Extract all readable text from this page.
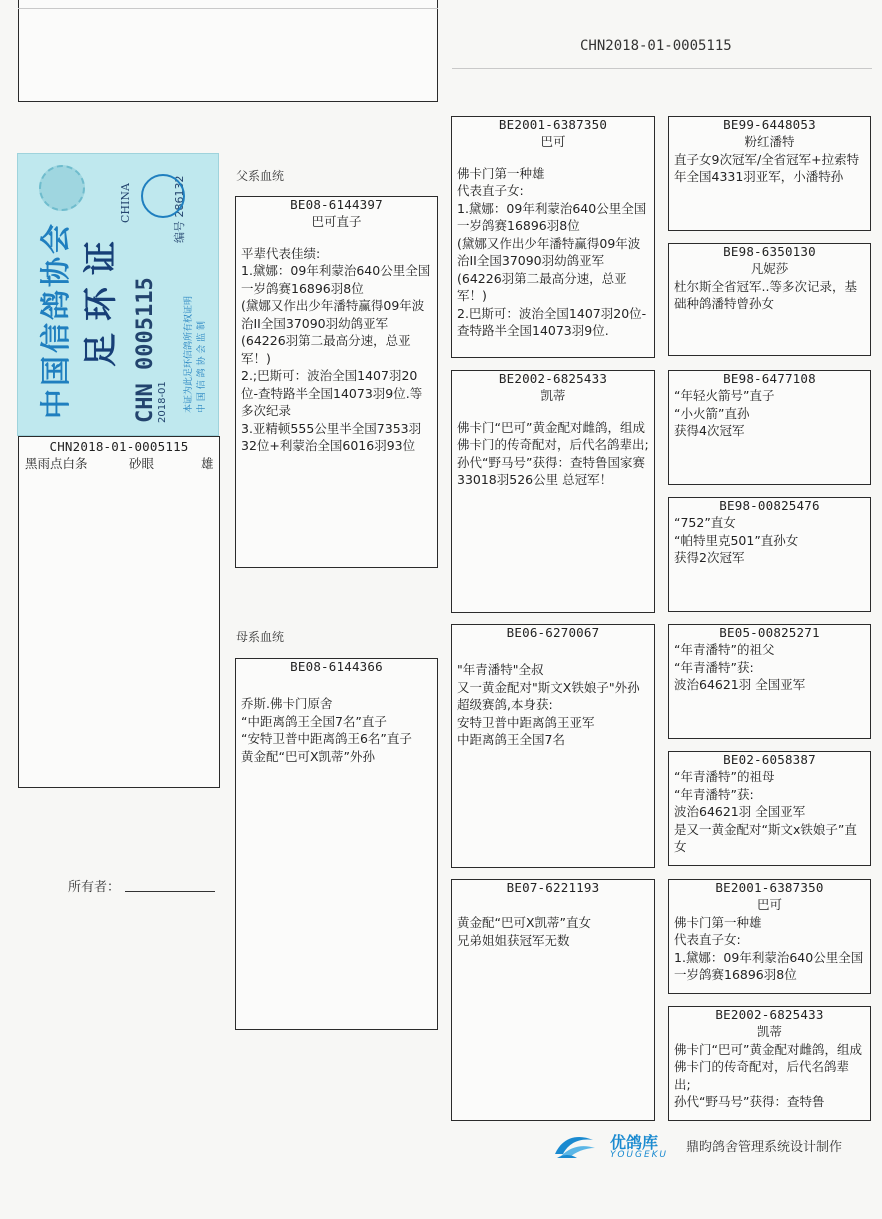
CHN2018-01-0005115
中国信鸽协会 足环证 CHN 0005115 2018-01
编号 286132
本证为此足环信鸽所有权证明 中 国 信 鸽 协 会 监 制
CHINA
CHN2018-01-0005115
黑雨点白条	砂眼	雄
所有者：
父系血统
母系血统
BE08-6144397
巴可直子
平辈代表佳绩:
1.黛娜：09年利蒙治640公里全国一岁鸽赛16896羽8位
(黛娜又作出少年潘特赢得09年波治II全国37090羽幼鸽亚军
(64226羽第二最高分速，总亚军！)
2.;巴斯可：波治全国1407羽20位-查特路半全国14073羽9位.等多次纪录
3.亚精顿555公里半全国7353羽32位+利蒙治全国6016羽93位
BE08-6144366
乔斯.佛卡门原舍
“中距离鸽王全国7名”直子
“安特卫普中距离鸽王6名”直子
黄金配“巴可X凯蒂”外孙
BE2001-6387350
巴可
佛卡门第一种雄
代表直子女:
1.黛娜：09年利蒙治640公里全国一岁鸽赛16896羽8位
(黛娜又作出少年潘特赢得09年波治II全国37090羽幼鸽亚军
(64226羽第二最高分速，总亚军！)
2.巴斯可：波治全国1407羽20位-查特路半全国14073羽9位.
BE2002-6825433
凯蒂
佛卡门“巴可”黄金配对雌鸽，组成佛卡门的传奇配对，后代名鸽辈出;
孙代“野马号”获得：查特鲁国家赛33018羽526公里 总冠军！
BE06-6270067
"年青潘特"全叔
又一黄金配对"斯文X铁娘子"外孙
超级赛鸽,本身获:
安特卫普中距离鸽王亚军
中距离鸽王全国7名
BE07-6221193
黄金配“巴可X凯蒂”直女
兄弟姐姐获冠军无数
BE99-6448053
粉红潘特
直子女9次冠军/全省冠军+拉索特年全国4331羽亚军，小潘特孙
BE98-6350130
凡妮莎
杜尔斯全省冠军..等多次记录，基础种鸽潘特曾孙女
BE98-6477108
“年轻火箭号”直子
“小火箭”直孙
获得4次冠军
BE98-00825476
“752”直女
“帕特里克501”直孙女
获得2次冠军
BE05-00825271
“年青潘特”的祖父
“年青潘特”获:
波治64621羽 全国亚军
BE02-6058387
“年青潘特”的祖母
“年青潘特”获:
波治64621羽 全国亚军
是又一黄金配对“斯文x铁娘子”直女
BE2001-6387350
巴可
佛卡门第一种雄
代表直子女:
1.黛娜：09年利蒙治640公里全国一岁鸽赛16896羽8位
BE2002-6825433
凯蒂
佛卡门“巴可”黄金配对雌鸽，组成佛卡门的传奇配对，后代名鸽辈出;
孙代“野马号”获得：查特鲁
优鸽库
YOUGEKU 鼎昀鸽舍管理系统设计制作
